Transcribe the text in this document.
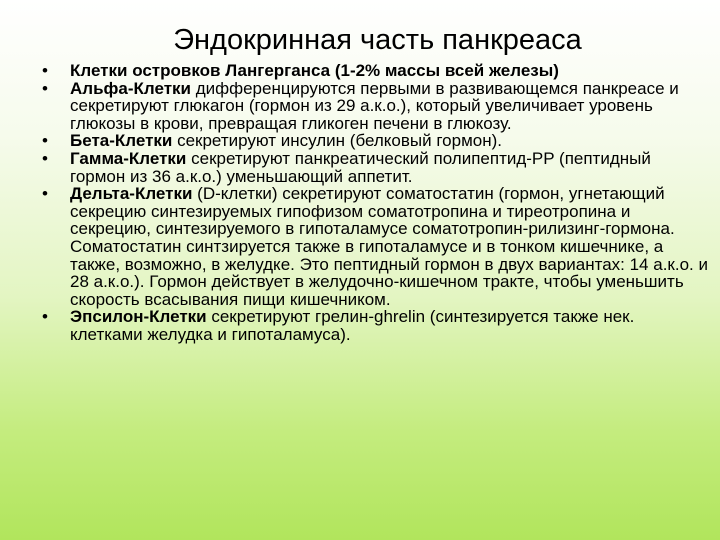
Эндокринная часть панкреаса
• Клетки островков Лангерганса (1-2% массы всей железы)
• Альфа-Клетки дифференцируются первыми в развивающемся панкреасе и секретируют глюкагон (гормон из 29 а.к.о.), который увеличивает уровень глюкозы в крови, превращая гликоген печени в глюкозу.
• Бета-Клетки секретируют инсулин (белковый гормон).
• Гамма-Клетки секретируют панкреатический полипептид-PP (пептидный гормон из 36 а.к.о.) уменьшающий аппетит.
• Дельта-Клетки (D-клетки) секретируют соматостатин (гормон, угнетающий секрецию синтезируемых гипофизом соматотропина и тиреотропина и секрецию, синтезируемого в гипоталамусе соматотропин-рилизинг-гормона. Соматостатин синтзируется также в гипоталамусе и в тонком кишечнике, а также, возможно, в желудке. Это пептидный гормон в двух вариантах: 14 а.к.о. и 28 а.к.о.). Гормон действует в желудочно-кишечном тракте, чтобы уменьшить скорость всасывания пищи кишечником.
• Эпсилон-Клетки секретируют грелин-ghrelin (синтезируется также нек. клетками желудка и гипоталамуса).
